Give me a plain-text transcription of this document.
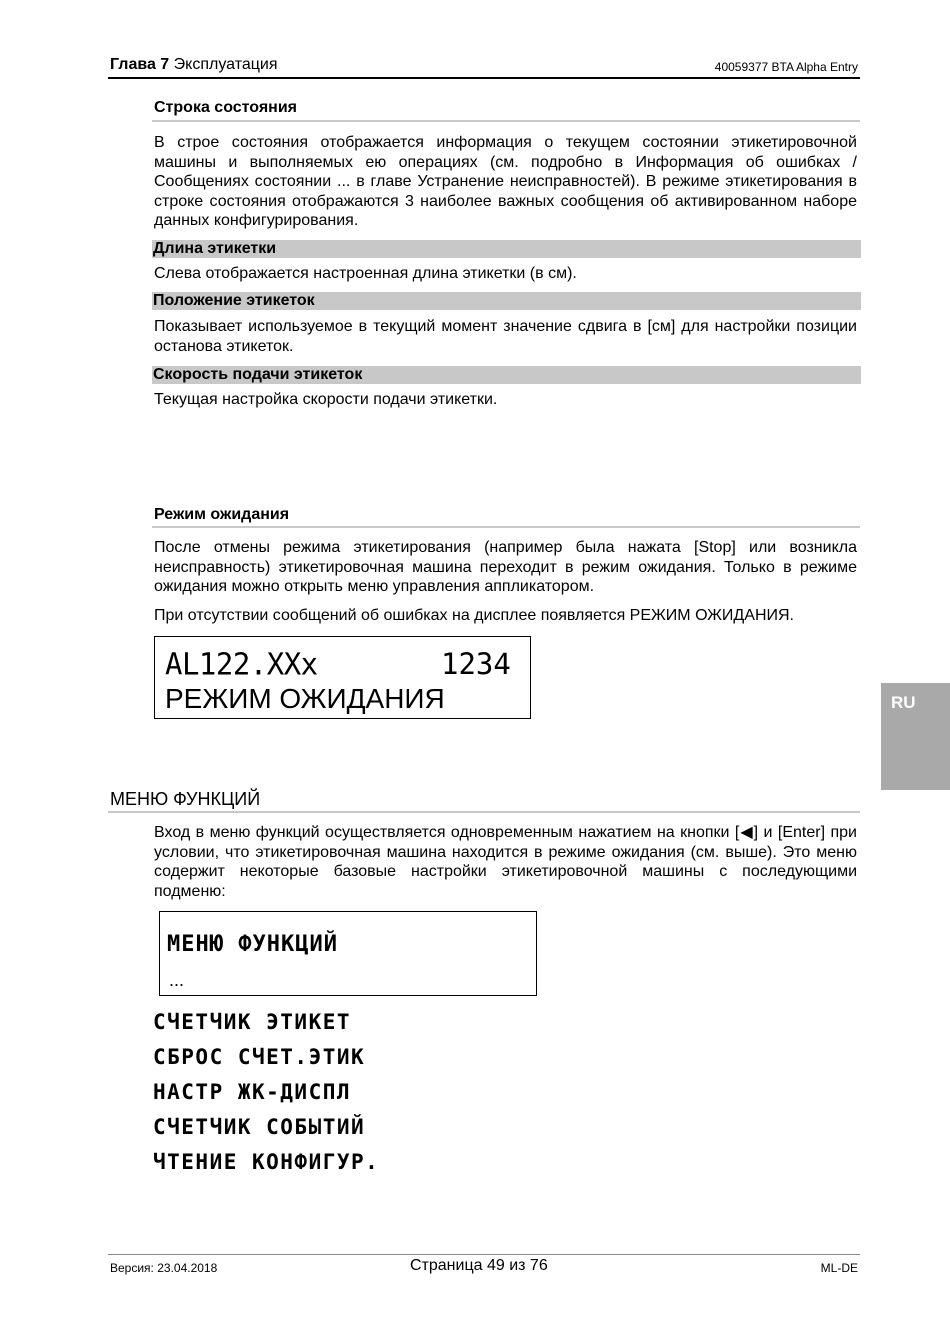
Глава 7 Эксплуатация	40059377 BTA Alpha Entry
Строка состояния
В строе состояния отображается информация о текущем состоянии этикетировочной машины и выполняемых ею операциях (см. подробно в Информация об ошибках / Сообщениях состоянии ... в главе Устранение неисправностей). В режиме этикетирования в строке состояния отображаются 3 наиболее важных сообщения об активированном наборе данных конфигурирования.
Длина этикетки
Слева отображается настроенная длина этикетки (в см).
Положение этикеток
Показывает используемое в текущий момент значение сдвига в [см] для настройки позиции останова этикеток.
Скорость подачи этикеток
Текущая настройка скорости подачи этикетки.
Режим ожидания
После отмены режима этикетирования (например была нажата [Stop] или возникла неисправность) этикетировочная машина переходит в режим ожидания. Только в режиме ожидания можно открыть меню управления аппликатором.
При отсутствии сообщений об ошибках на дисплее появляется РЕЖИМ ОЖИДАНИЯ.
AL122.XXx	1234
РЕЖИМ ОЖИДАНИЯ	RU
МЕНЮ ФУНКЦИЙ
Вход в меню функций осуществляется одновременным нажатием на кнопки [◀] и [Enter] при условии, что этикетировочная машина находится в режиме ожидания (см. выше). Это меню содержит некоторые базовые настройки этикетировочной машины с последующими подменю:
МЕНЮ ФУНКЦИЙ
...
СЧЕТЧИК ЭТИКЕТ
СБРОС СЧЕТ.ЭТИК
НАСТР ЖК-ДИСПЛ
СЧЕТЧИК СОБЫТИЙ
ЧТЕНИЕ КОНФИГУР.
Версия: 23.04.2018	Страница 49 из 76	ML-DE
